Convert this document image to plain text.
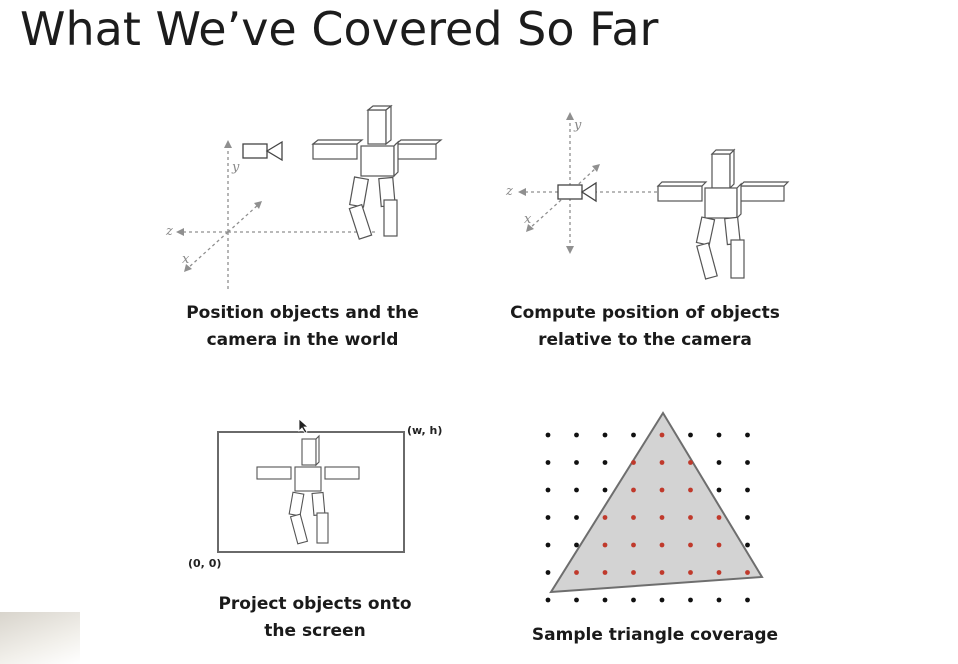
What We’ve Covered So Far
y
z
x
Position objects and the
camera in the world
y
z
x
Compute position of objects
relative to the camera
(w, h)
(0, 0)
Project objects onto
the screen	Sample triangle coverage
